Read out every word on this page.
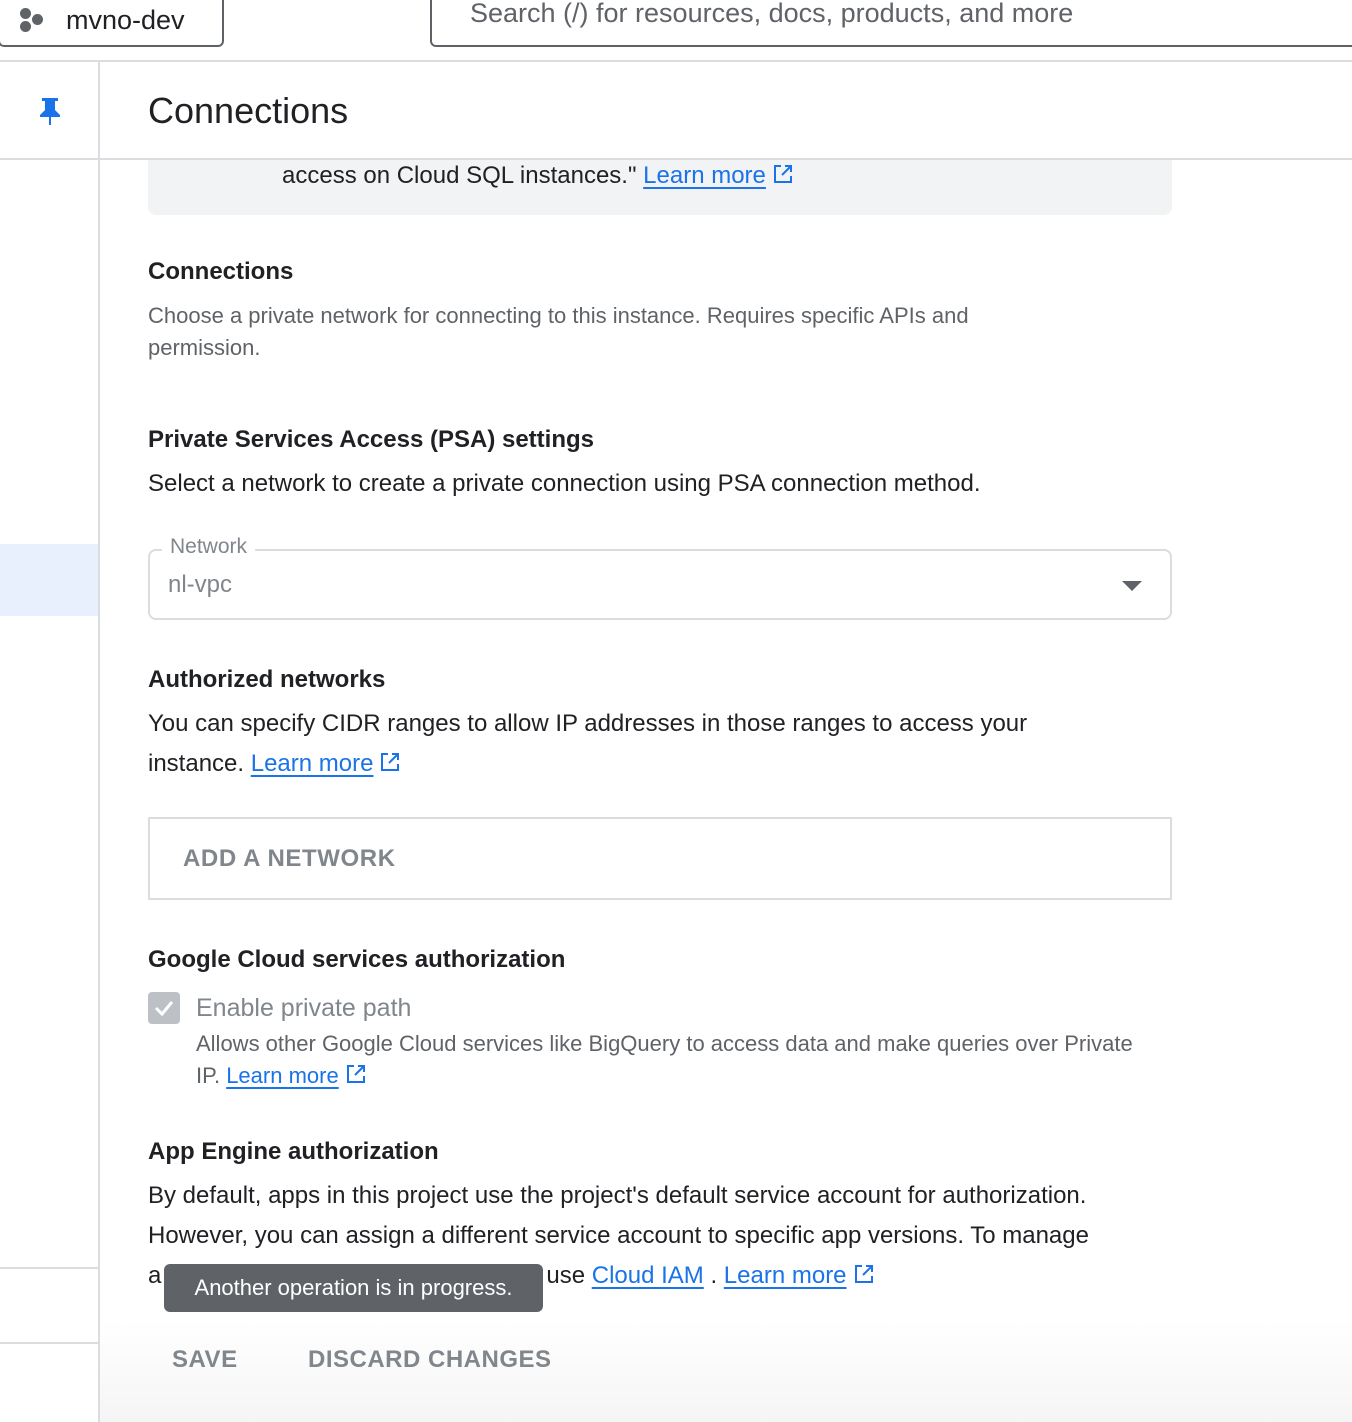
mvno-dev	Search (/) for resources, docs, products, and more
Connections
access on Cloud SQL instances." Learn more
Connections
Choose a private network for connecting to this instance. Requires specific APIs and permission.
Private Services Access (PSA) settings
Select a network to create a private connection using PSA connection method.
Network
nl-vpc
Authorized networks
You can specify CIDR ranges to allow IP addresses in those ranges to access your instance. Learn more
ADD A NETWORK
Google Cloud services authorization
Enable private path
Allows other Google Cloud services like BigQuery to access data and make queries over Private IP. Learn more
App Engine authorization
By default, apps in this project use the project's default service account for authorization.
However, you can assign a different service account to specific app versions. To manage
a	use Cloud IAM . Learn more
Another operation is in progress.
SAVE	DISCARD CHANGES
